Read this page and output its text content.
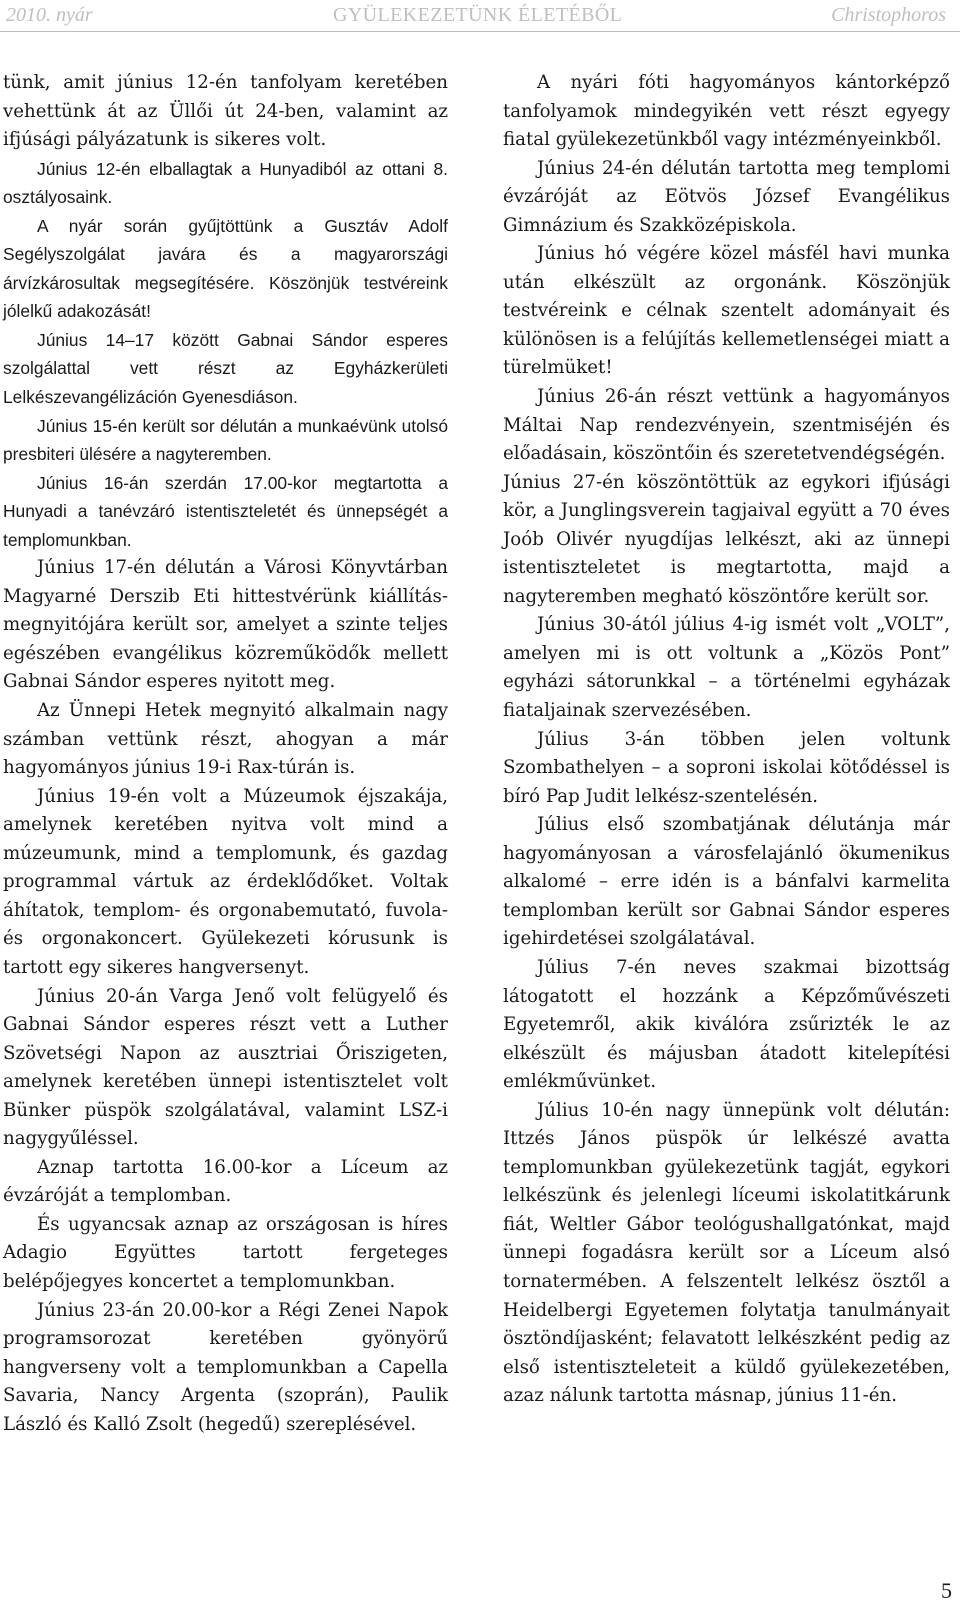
2010. nyár	GYÜLEKEZETÜNK ÉLETÉBŐL	Christophoros

tünk, amit június 12-én tanfolyam keretében vehettünk át az Üllői út 24-ben, valamint az ifjúsági pályázatunk is sikeres volt.

Június 12-én elballagtak a Hunyadiból az ottani 8. osztályosaink.

A nyár során gyűjtöttünk a Gusztáv Adolf Segélyszolgálat javára és a magyarországi árvízkárosultak megsegítésére. Köszönjük testvéreink jólelkű adakozását!

Június 14–17 között Gabnai Sándor esperes szolgálattal vett részt az Egyházkerületi Lelkészevangélizáción Gyenesdiáson.

Június 15-én került sor délután a munkaévünk utolsó presbiteri ülésére a nagyteremben.

Június 16-án szerdán 17.00-kor megtartotta a Hunyadi a tanévzáró istentiszteletét és ünnepségét a templomunkban.

Június 17-én délután a Városi Könyvtárban Magyarné Derszib Eti hittestvérünk kiállítás-megnyitójára került sor, amelyet a szinte teljes egészében evangélikus közreműködők mellett Gabnai Sándor esperes nyitott meg.

Az Ünnepi Hetek megnyitó alkalmain nagy számban vettünk részt, ahogyan a már hagyományos június 19-i Rax-túrán is.

Június 19-én volt a Múzeumok éjszakája, amelynek keretében nyitva volt mind a múzeumunk, mind a templomunk, és gazdag programmal vártuk az érdeklődőket. Voltak áhítatok, templom- és orgonabemutató, fuvola- és orgonakoncert. Gyülekezeti kórusunk is tartott egy sikeres hangversenyt.

Június 20-án Varga Jenő volt felügyelő és Gabnai Sándor esperes részt vett a Luther Szövetségi Napon az ausztriai Őriszigeten, amelynek keretében ünnepi istentisztelet volt Bünker püspök szolgálatával, valamint LSZ-i nagygyűléssel.

Aznap tartotta 16.00-kor a Líceum az évzáróját a templomban.

És ugyancsak aznap az országosan is híres Adagio Együttes tartott fergeteges belépőjegyes koncertet a templomunkban.

Június 23-án 20.00-kor a Régi Zenei Napok programsorozat keretében gyönyörű hangverseny volt a templomunkban a Capella Savaria, Nancy Argenta (szoprán), Paulik László és Kalló Zsolt (hegedű) szereplésével.

A nyári fóti hagyományos kántorképző tanfolyamok mindegyikén vett részt egyegy fiatal gyülekezetünkből vagy intézményeinkből.

Június 24-én délután tartotta meg templomi évzáróját az Eötvös József Evangélikus Gimnázium és Szakközépiskola.

Június hó végére közel másfél havi munka után elkészült az orgonánk. Köszönjük testvéreink e célnak szentelt adományait és különösen is a felújítás kellemetlenségei miatt a türelmüket!

Június 26-án részt vettünk a hagyományos Máltai Nap rendezvényein, szentmiséjén és előadásain, köszöntőin és szeretetvendégségén.

Június 27-én köszöntöttük az egykori ifjúsági kör, a Junglingsverein tagjaival együtt a 70 éves Joób Olivér nyugdíjas lelkészt, aki az ünnepi istentiszteletet is megtartotta, majd a nagyteremben megható köszöntőre került sor.

Június 30-ától július 4-ig ismét volt „VOLT”, amelyen mi is ott voltunk a „Közös Pont” egyházi sátorunkkal – a történelmi egyházak fiataljainak szervezésében.

Július 3-án többen jelen voltunk Szombathelyen – a soproni iskolai kötődéssel is bíró Pap Judit lelkész-szentelésén.

Július első szombatjának délutánja már hagyományosan a városfelajánló ökumenikus alkalomé – erre idén is a bánfalvi karmelita templomban került sor Gabnai Sándor esperes igehirdetései szolgálatával.

Július 7-én neves szakmai bizottság látogatott el hozzánk a Képzőművészeti Egyetemről, akik kiválóra zsűrizték le az elkészült és májusban átadott kitelepítési emlékművünket.

Július 10-én nagy ünnepünk volt délután: Ittzés János püspök úr lelkészé avatta templomunkban gyülekezetünk tagját, egykori lelkészünk és jelenlegi líceumi iskolatitkárunk fiát, Weltler Gábor teológushallgatónkat, majd ünnepi fogadásra került sor a Líceum alsó tornatermében. A felszentelt lelkész ösztől a Heidelbergi Egyetemen folytatja tanulmányait ösztöndíjasként; felavatott lelkészként pedig az első istentiszteleteit a küldő gyülekezetében, azaz nálunk tartotta másnap, június 11-én.

5
